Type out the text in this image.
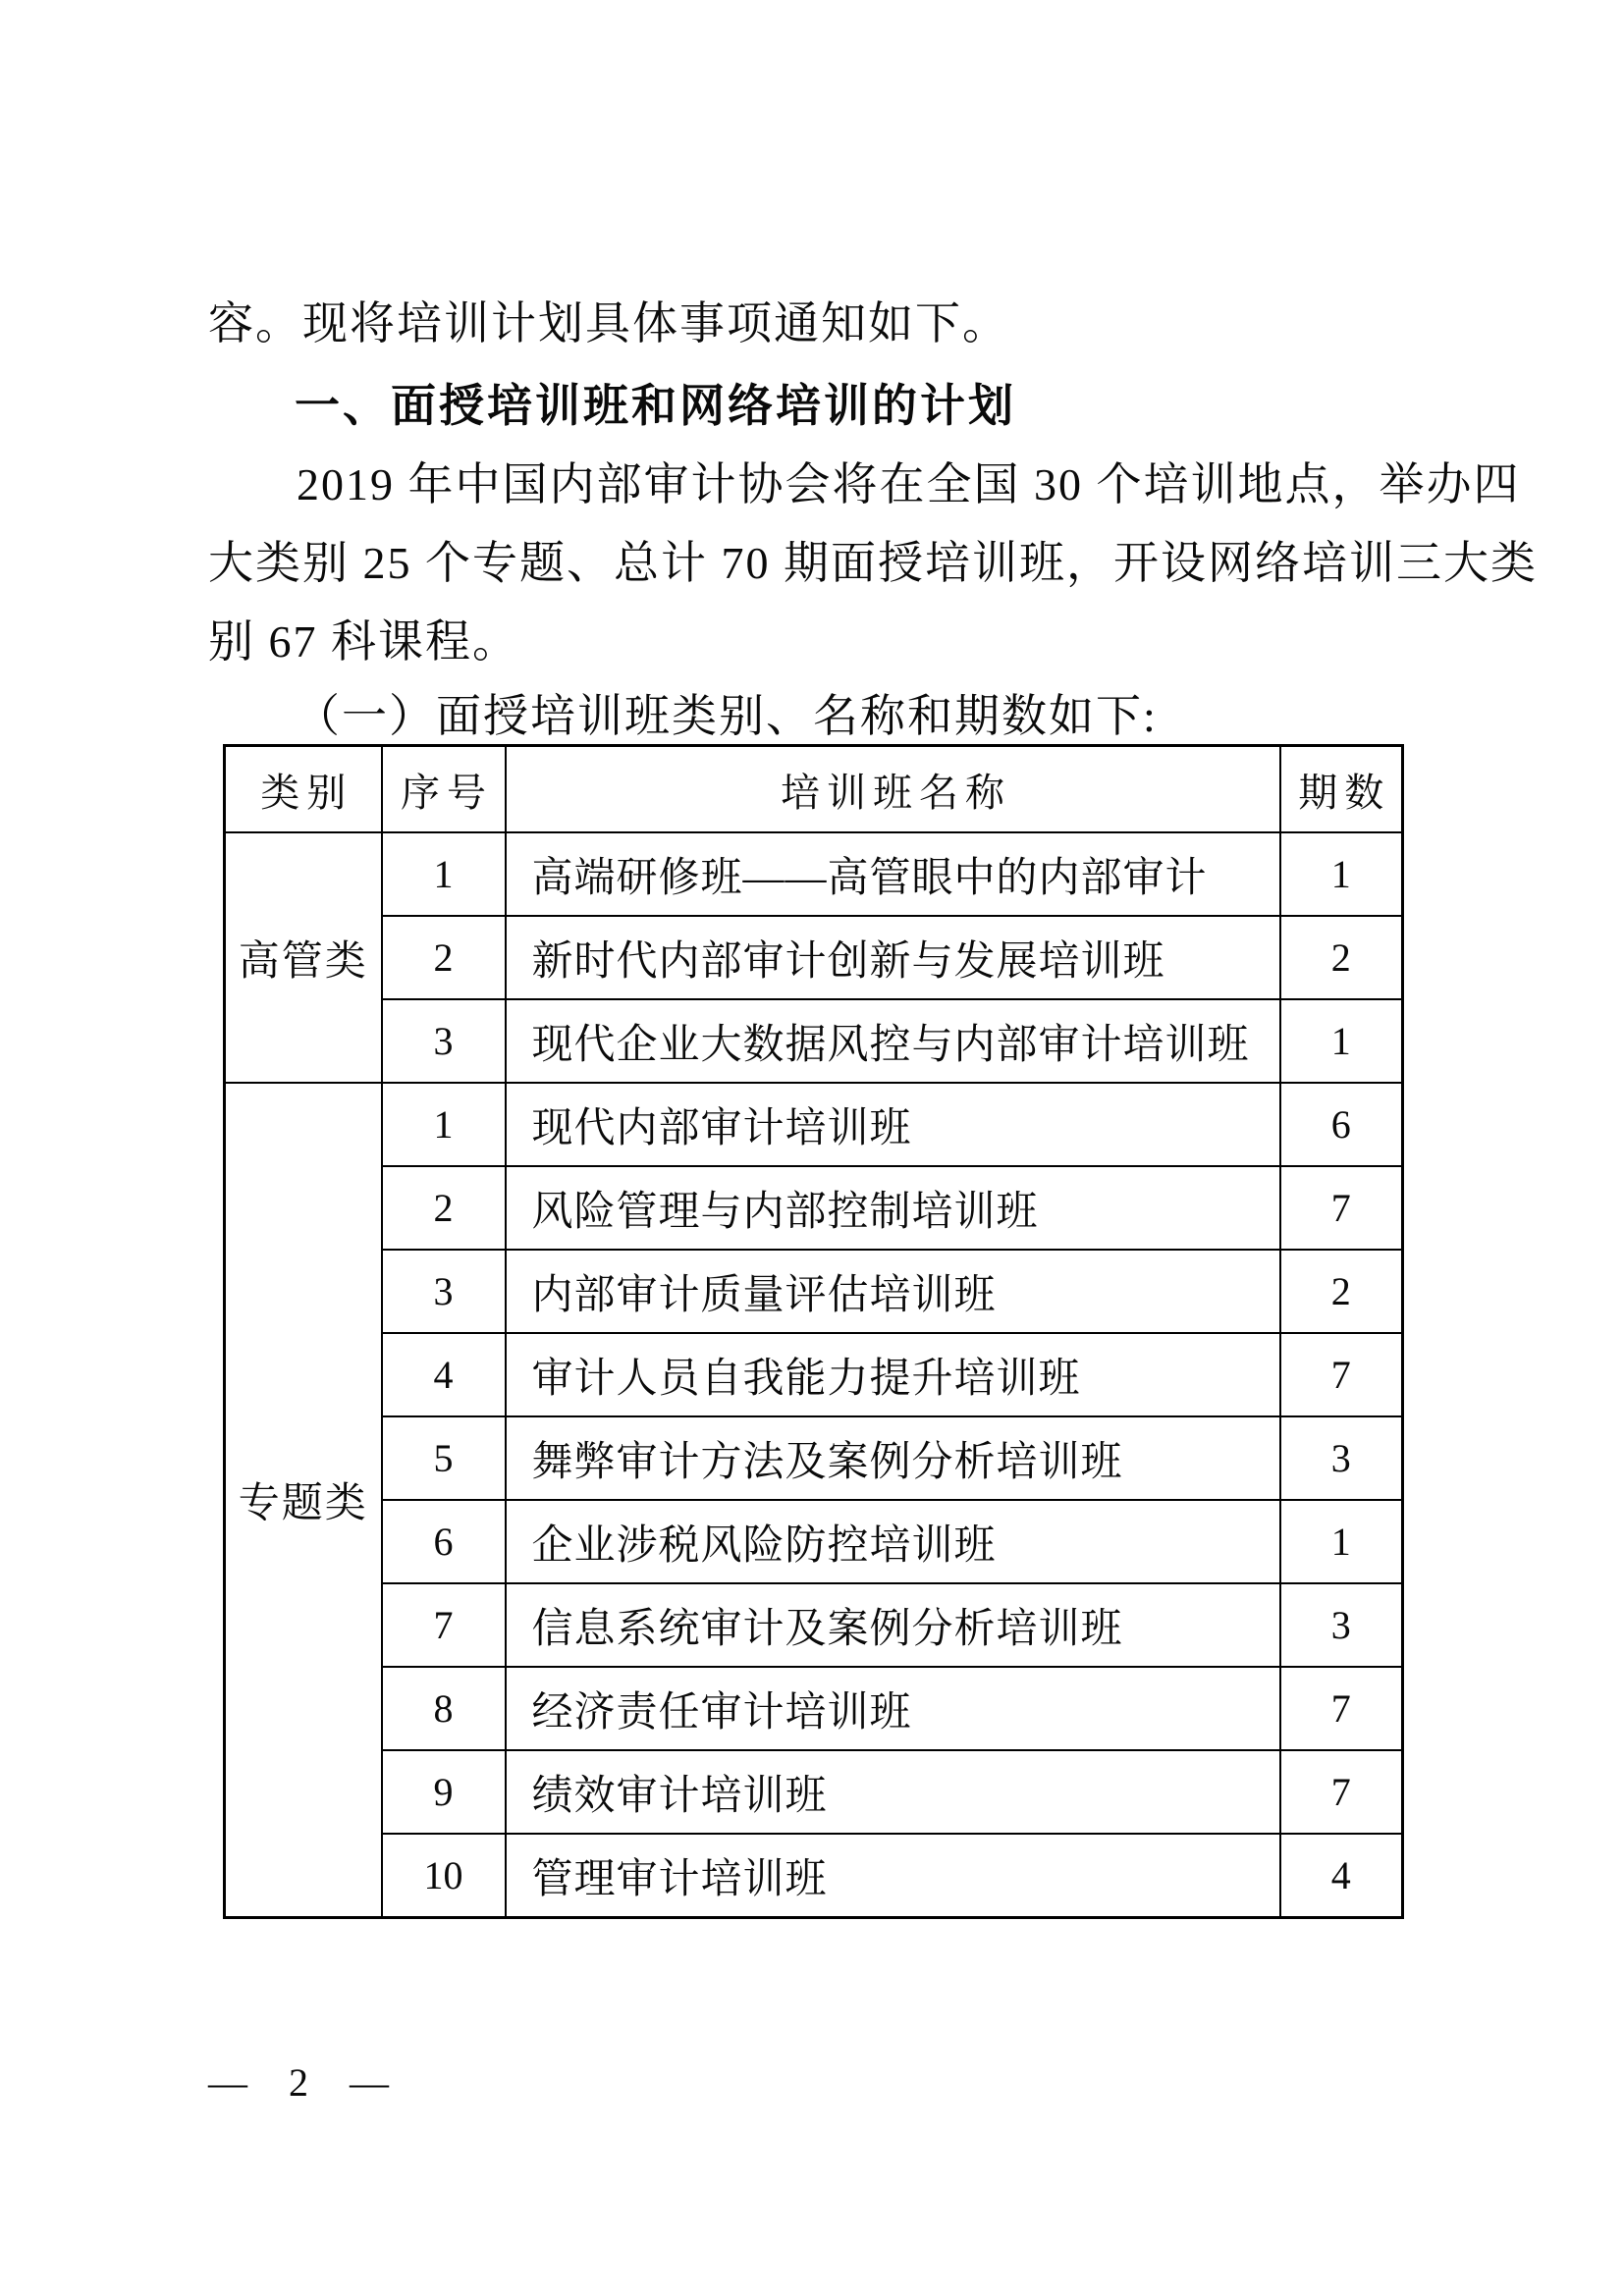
容。现将培训计划具体事项通知如下。
一、面授培训班和网络培训的计划
2019 年中国内部审计协会将在全国 30 个培训地点，举办四
大类别 25 个专题、总计 70 期面授培训班，开设网络培训三大类
别 67 科课程。
（一）面授培训班类别、名称和期数如下:
类别	序号	培训班名称	期数
高管类	1	高端研修班——高管眼中的内部审计	1
	2	新时代内部审计创新与发展培训班	2
	3	现代企业大数据风控与内部审计培训班	1
专题类	1	现代内部审计培训班	6
	2	风险管理与内部控制培训班	7
	3	内部审计质量评估培训班	2
	4	审计人员自我能力提升培训班	7
	5	舞弊审计方法及案例分析培训班	3
	6	企业涉税风险防控培训班	1
	7	信息系统审计及案例分析培训班	3
	8	经济责任审计培训班	7
	9	绩效审计培训班	7
	10	管理审计培训班	4
— 2 —
